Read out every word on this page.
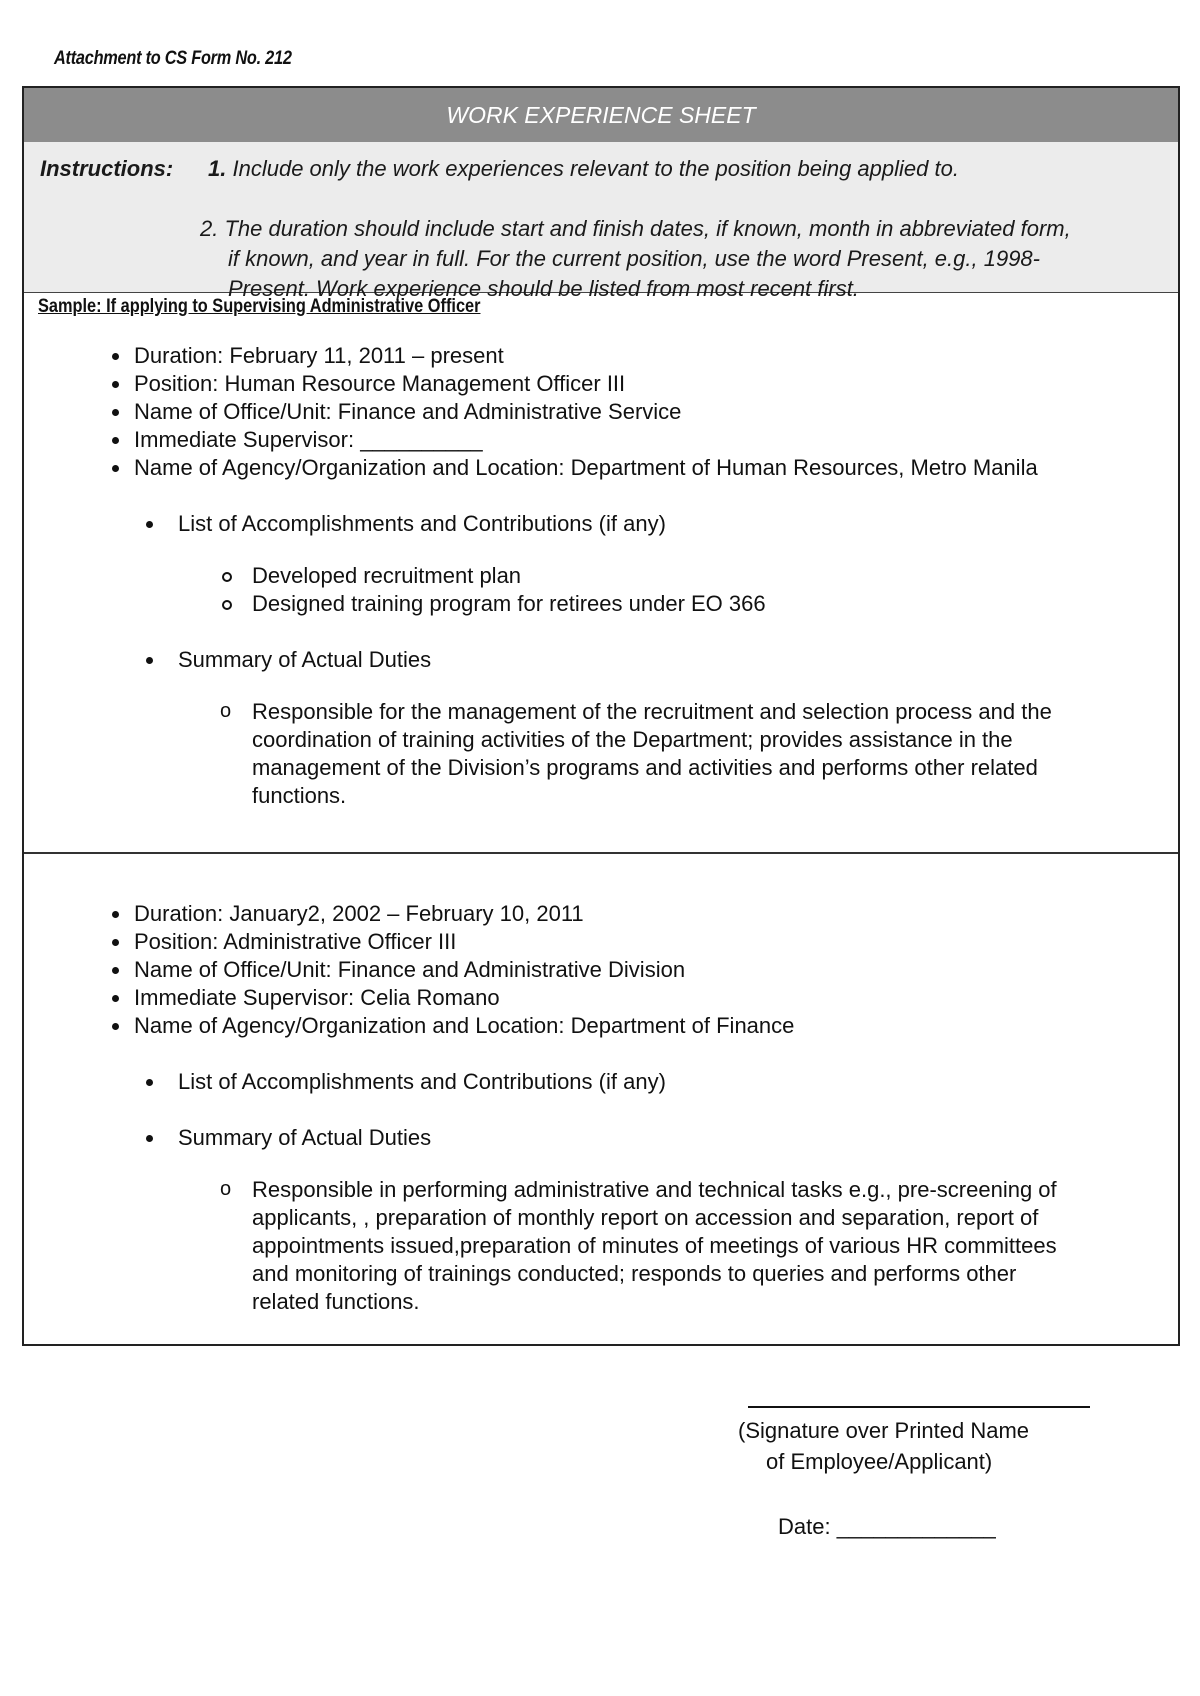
Attachment to CS Form No. 212
WORK EXPERIENCE SHEET
Instructions: 1. Include only the work experiences relevant to the position being applied to.
2. The duration should include start and finish dates, if known, month in abbreviated form,
if known, and year in full. For the current position, use the word Present, e.g., 1998-
Present. Work experience should be listed from most recent first.
Sample: If applying to Supervising Administrative Officer
Duration: February 11, 2011 – present
Position: Human Resource Management Officer III
Name of Office/Unit: Finance and Administrative Service
Immediate Supervisor: __________
Name of Agency/Organization and Location: Department of Human Resources, Metro Manila
List of Accomplishments and Contributions (if any)
Developed recruitment plan
Designed training program for retirees under EO 366
Summary of Actual Duties
o Responsible for the management of the recruitment and selection process and the
coordination of training activities of the Department; provides assistance in the
management of the Division’s programs and activities and performs other related
functions.
Duration: January2, 2002 – February 10, 2011
Position: Administrative Officer III
Name of Office/Unit: Finance and Administrative Division
Immediate Supervisor: Celia Romano
Name of Agency/Organization and Location: Department of Finance
List of Accomplishments and Contributions (if any)
Summary of Actual Duties
o Responsible in performing administrative and technical tasks e.g., pre-screening of
applicants, , preparation of monthly report on accession and separation, report of
appointments issued,preparation of minutes of meetings of various HR committees
and monitoring of trainings conducted; responds to queries and performs other
related functions.
(Signature over Printed Name
of Employee/Applicant)
Date: _____________
